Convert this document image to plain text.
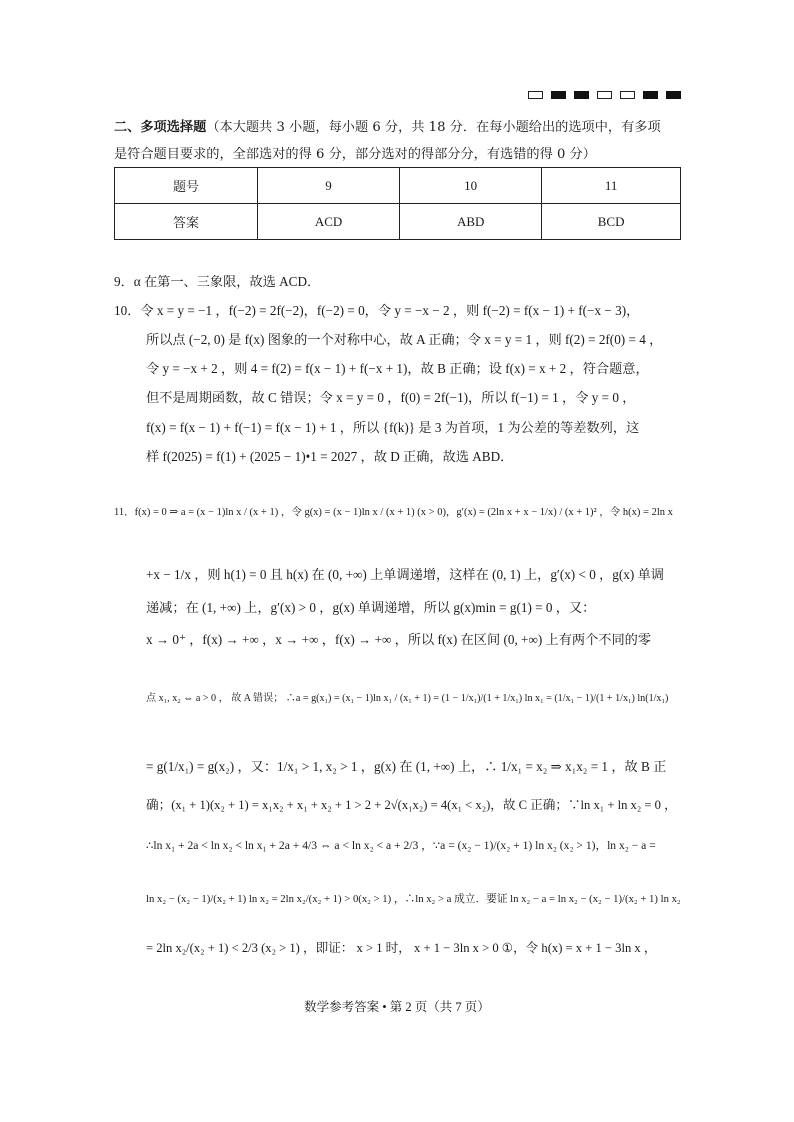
二、多项选择题（本大题共 3 小题，每小题 6 分，共 18 分．在每小题给出的选项中，有多项
是符合题目要求的，全部选对的得 6 分，部分选对的得部分分，有选错的得 0 分）
题号	9	10	11
答案	ACD	ABD	BCD
9．α 在第一、三象限，故选 ACD．
10．令 x = y = −1 ，f(−2) = 2f(−2)，f(−2) = 0，令 y = −x − 2 ，则 f(−2) = f(x − 1) + f(−x − 3)，
所以点 (−2, 0) 是 f(x) 图象的一个对称中心，故 A 正确；令 x = y = 1 ，则 f(2) = 2f(0) = 4 ，
令 y = −x + 2 ，则 4 = f(2) = f(x − 1) + f(−x + 1)，故 B 正确；设 f(x) = x + 2 ，符合题意，
但不是周期函数，故 C 错误；令 x = y = 0 ，f(0) = 2f(−1)，所以 f(−1) = 1 ，令 y = 0 ，
f(x) = f(x − 1) + f(−1) = f(x − 1) + 1 ，所以 {f(k)} 是 3 为首项，1 为公差的等差数列，这
样 f(2025) = f(1) + (2025 − 1)•1 = 2027 ，故 D 正确，故选 ABD．
11．f(x) = 0 ⇒ a = (x − 1)ln x / (x + 1) ，令 g(x) = (x − 1)ln x / (x + 1) (x > 0)，g′(x) = (2ln x + x − 1/x) / (x + 1)² ，令 h(x) = 2ln x
+x − 1/x ，则 h(1) = 0 且 h(x) 在 (0, +∞) 上单调递增，这样在 (0, 1) 上，g′(x) < 0 ，g(x) 单调
递减；在 (1, +∞) 上，g′(x) > 0 ，g(x) 单调递增，所以 g(x)min = g(1) = 0 ，又：
x → 0⁺ ，f(x) → +∞ ，x → +∞ ，f(x) → +∞ ，所以 f(x) 在区间 (0, +∞) 上有两个不同的零
点 x₁, x₂ ⇔ a > 0 ， 故 A 错误； ∴a = g(x₁) = (x₁ − 1)ln x₁ / (x₁ + 1) = (1 − 1/x₁)/(1 + 1/x₁) ln x₁ = (1/x₁ − 1)/(1 + 1/x₁) ln(1/x₁)
= g(1/x₁) = g(x₂) ，又：1/x₁ > 1, x₂ > 1 ，g(x) 在 (1, +∞) 上，∴ 1/x₁ = x₂ ⇒ x₁x₂ = 1 ，故 B 正
确；(x₁ + 1)(x₂ + 1) = x₁x₂ + x₁ + x₂ + 1 > 2 + 2√(x₁x₂) = 4(x₁ < x₂)，故 C 正确；∵ln x₁ + ln x₂ = 0 ，
∴ln x₁ + 2a < ln x₂ < ln x₁ + 2a + 4/3 ⇔ a < ln x₂ < a + 2/3 ，∵a = (x₂ − 1)/(x₂ + 1) ln x₂ (x₂ > 1)，ln x₂ − a =
ln x₂ − (x₂ − 1)/(x₂ + 1) ln x₂ = 2ln x₂/(x₂ + 1) > 0(x₂ > 1) ，∴ln x₂ > a 成立．要证 ln x₂ − a = ln x₂ − (x₂ − 1)/(x₂ + 1) ln x₂
= 2ln x₂/(x₂ + 1) < 2/3 (x₂ > 1) ，即证： x > 1 时， x + 1 − 3ln x > 0 ①，令 h(x) = x + 1 − 3ln x ，
数学参考答案 • 第 2 页（共 7 页）
